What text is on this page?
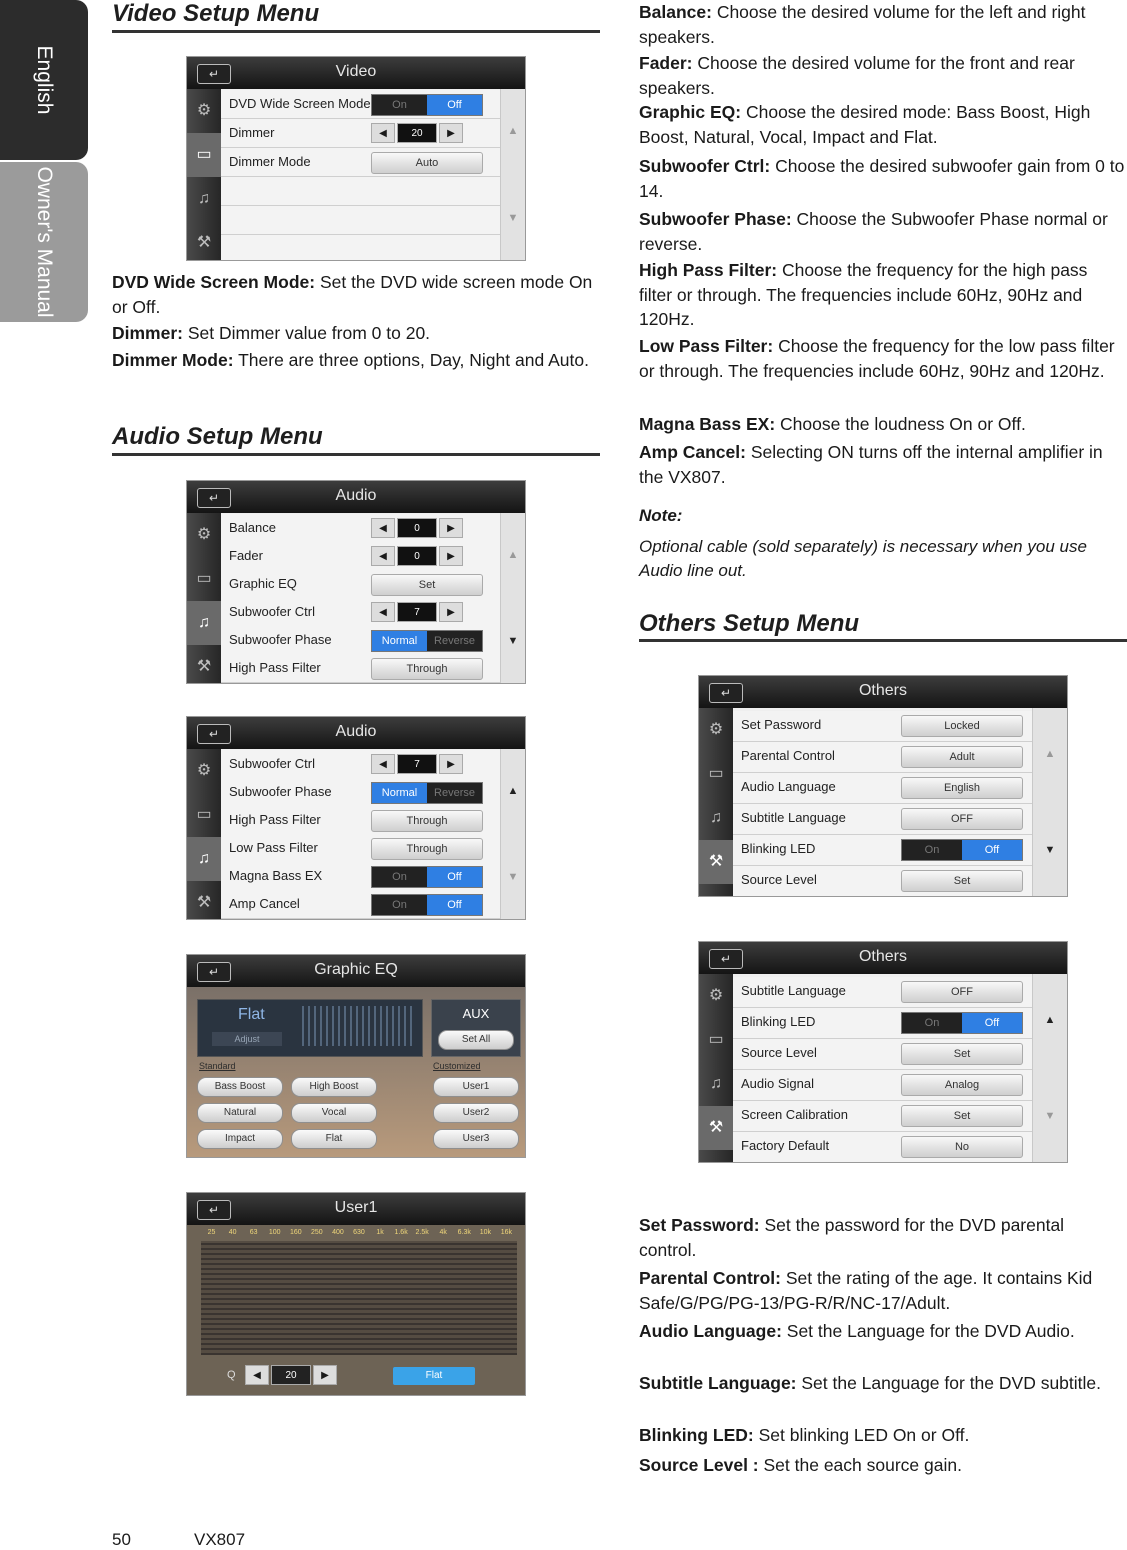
English
Owner's Manual
Video Setup Menu
↵	Video
⚙
▭
♫
⚒
DVD Wide Screen Mode	On	Off
Dimmer	◀	20	▶
Dimmer Mode	Auto
▲
▼

DVD Wide Screen Mode: Set the DVD wide screen mode On or Off.

Dimmer: Set Dimmer value from 0 to 20.

Dimmer Mode: There are three options, Day, Night and Auto.

Audio Setup Menu
↵	Audio
⚙
▭
♫
⚒
Balance	◀	0	▶
Fader	◀	0	▶
Graphic EQ	Set
Subwoofer Ctrl	◀	7	▶
Subwoofer Phase	Normal	Reverse
High Pass Filter	Through
▲
▼
↵	Audio
⚙
▭
♫
⚒
Subwoofer Ctrl	◀	7	▶
Subwoofer Phase	Normal	Reverse
High Pass Filter	Through
Low Pass Filter	Through
Magna Bass EX	On	Off
Amp Cancel	On	Off
▲
▼
↵	Graphic EQ
Flat
Adjust
AUX
Set All
Standard	Customized
Bass Boost	High Boost
Natural	Vocal
Impact	Flat
User1
User2
User3
↵	User1
25	40	63	100	160	250	400	630	1k	1.6k	2.5k	4k	6.3k	10k	16k
Q	◀	20	▶	Flat

Balance: Choose the desired volume for the left and right speakers.

Fader: Choose the desired volume for the front and rear speakers.

Graphic EQ: Choose the desired mode: Bass Boost, High Boost, Natural, Vocal, Impact and Flat.

Subwoofer Ctrl: Choose the desired subwoofer gain from 0 to 14.

Subwoofer Phase: Choose the Subwoofer Phase normal or reverse.

High Pass Filter: Choose the frequency for the high pass filter or through. The frequencies include 60Hz, 90Hz and 120Hz.

Low Pass Filter: Choose the frequency for the low pass filter or through. The frequencies include 60Hz, 90Hz and 120Hz.

Magna Bass EX: Choose the loudness On or Off.

Amp Cancel: Selecting ON turns off the internal amplifier in the VX807.

Note:
Optional cable (sold separately) is necessary when you use Audio line out.
Others Setup Menu
↵	Others
⚙
▭
♫
⚒
Set Password	Locked
Parental Control	Adult
Audio Language	English
Subtitle Language	OFF
Blinking LED	On	Off
Source Level	Set
▲
▼
↵	Others
⚙
▭
♫
⚒
Subtitle Language	OFF
Blinking LED	On	Off
Source Level	Set
Audio Signal	Analog
Screen Calibration	Set
Factory Default	No
▲
▼

Set Password: Set the password for the DVD parental control.

Parental Control: Set the rating of the age. It contains Kid Safe/G/PG/PG-13/PG-R/R/NC-17/Adult.

Audio Language: Set the Language for the DVD Audio.

Subtitle Language: Set the Language for the DVD subtitle.

Blinking LED: Set blinking LED On or Off.

Source Level : Set the each source gain.

50	VX807
